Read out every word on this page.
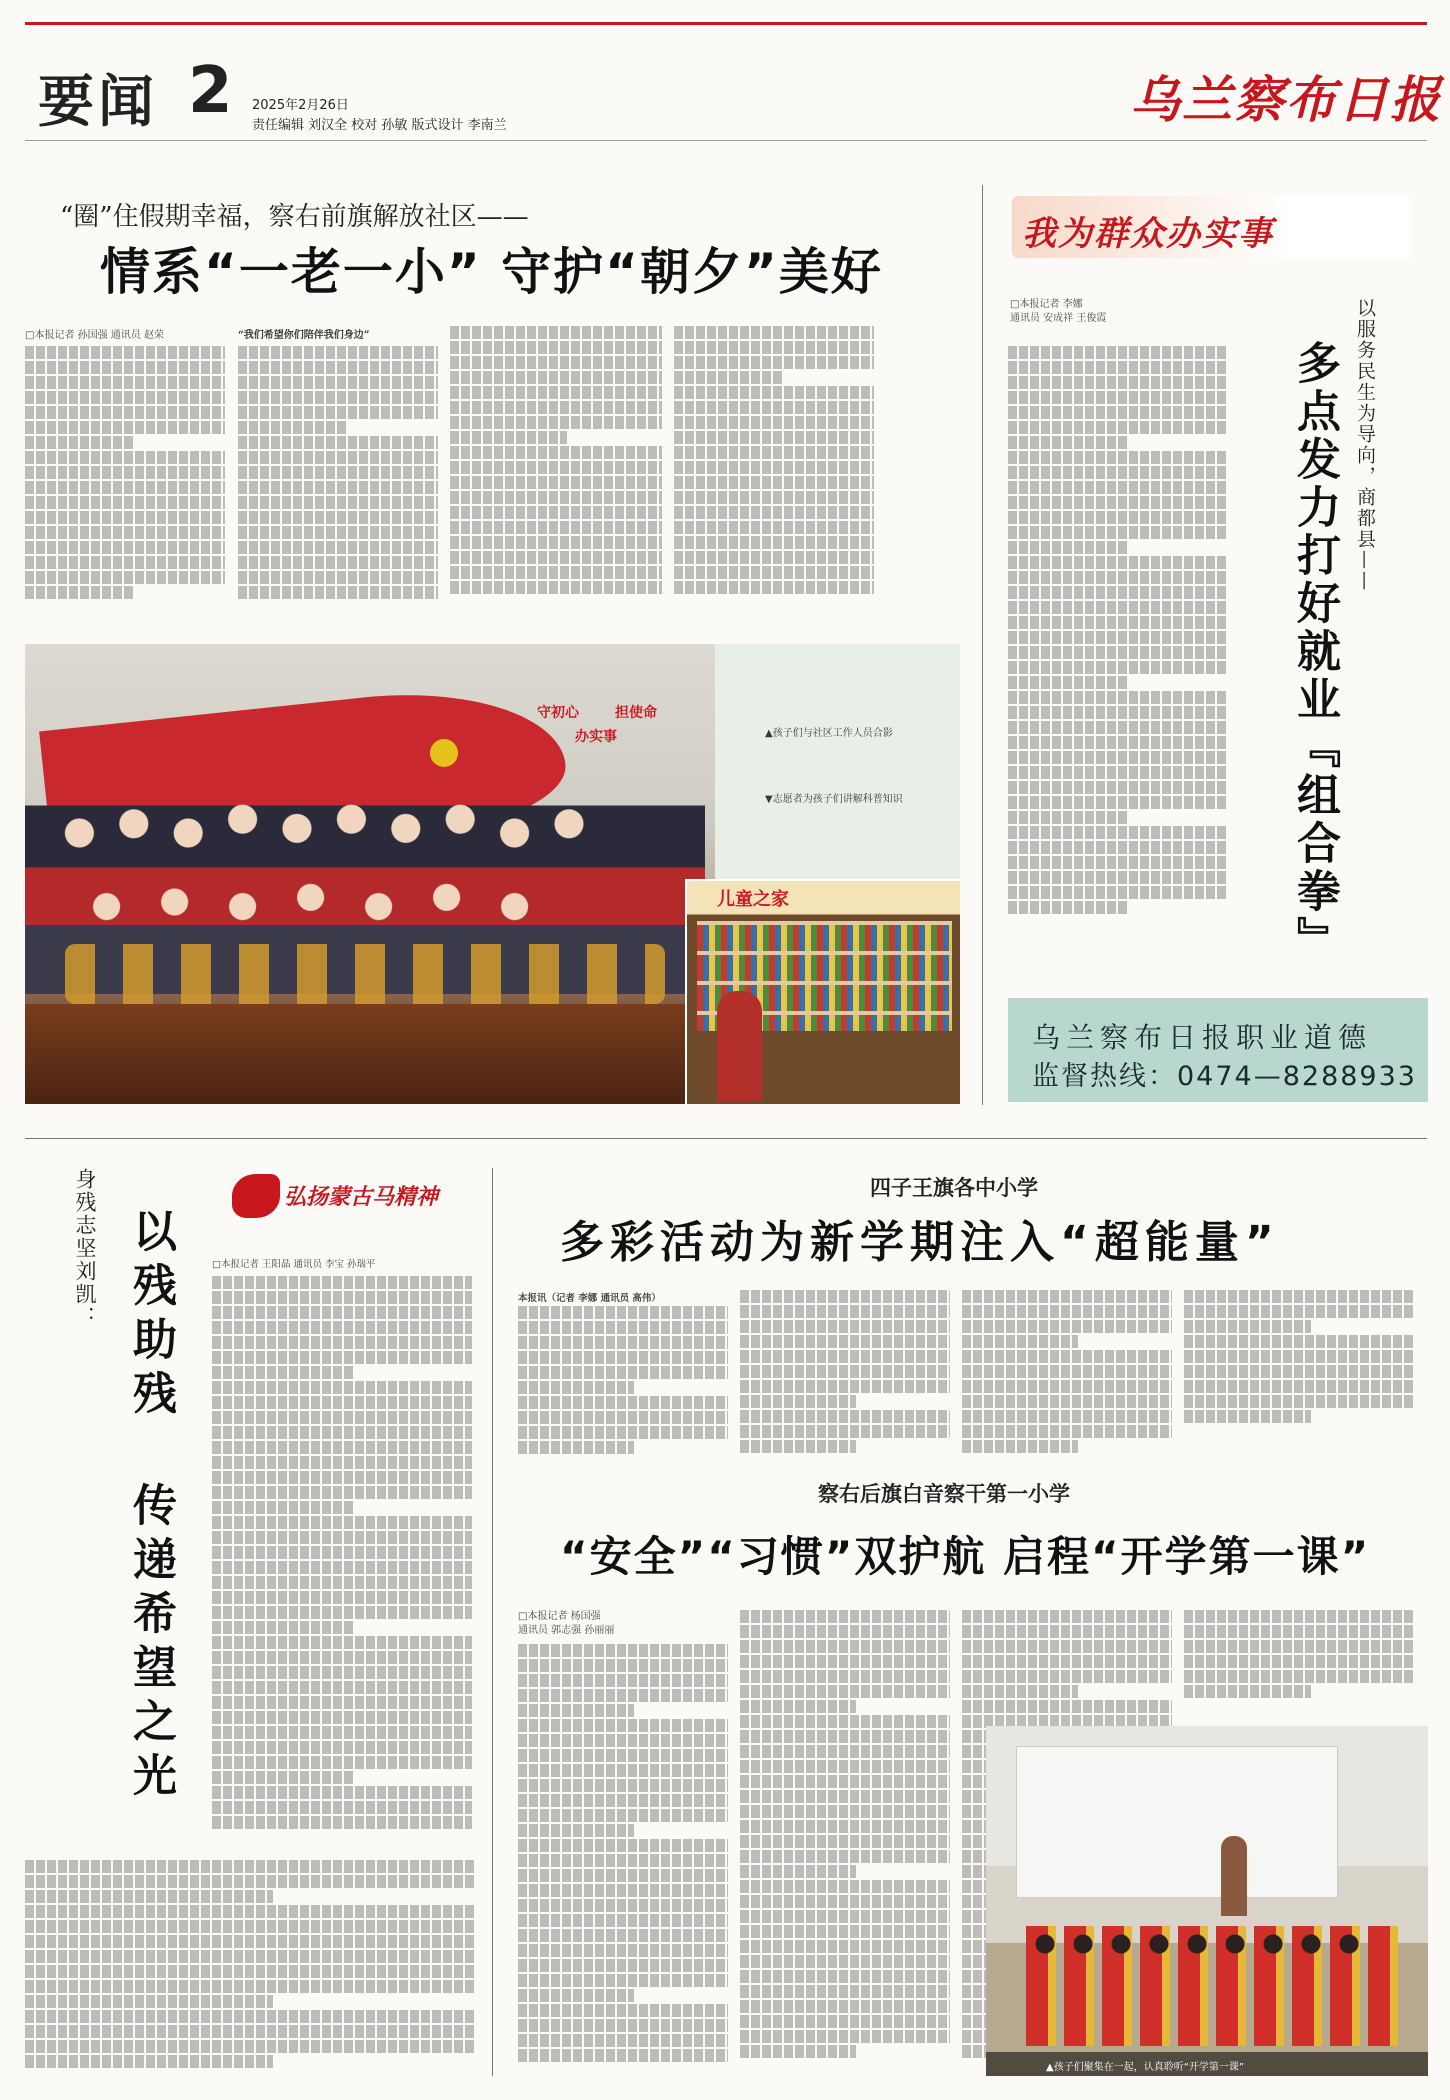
要闻 2 2025年2月26日
责任编辑 刘汉全 校对 孙敏 版式设计 李南兰	乌兰察布日报
“圈”住假期幸福，察右前旗解放社区——
情系“一老一小” 守护“朝夕”美好
□本报记者 孙国强 通讯员 赵荣	“我们希望你们陪伴我们身边”
守初心	担使命
办实事	▲孩子们与社区工作人员合影
▼志愿者为孩子们讲解科普知识
儿童之家
我为群众办实事
□本报记者 李娜
通讯员 安成祥 王俊霞	以服务民生为导向，商都县——
多点发力打好就业『组合拳』
乌兰察布日报职业道德
监督热线：0474—8288933
身残志坚刘凯：	弘扬蒙古马精神
□本报记者 王阳晶 通讯员 李宝 孙瑞平
以残助残
传递希望之光
四子王旗各中小学
多彩活动为新学期注入“超能量”
本报讯（记者 李娜 通讯员 高伟）
察右后旗白音察干第一小学
“安全”“习惯”双护航 启程“开学第一课”
□本报记者 杨国强
通讯员 郭志强 孙丽丽
▲孩子们聚集在一起，认真聆听“开学第一课”
